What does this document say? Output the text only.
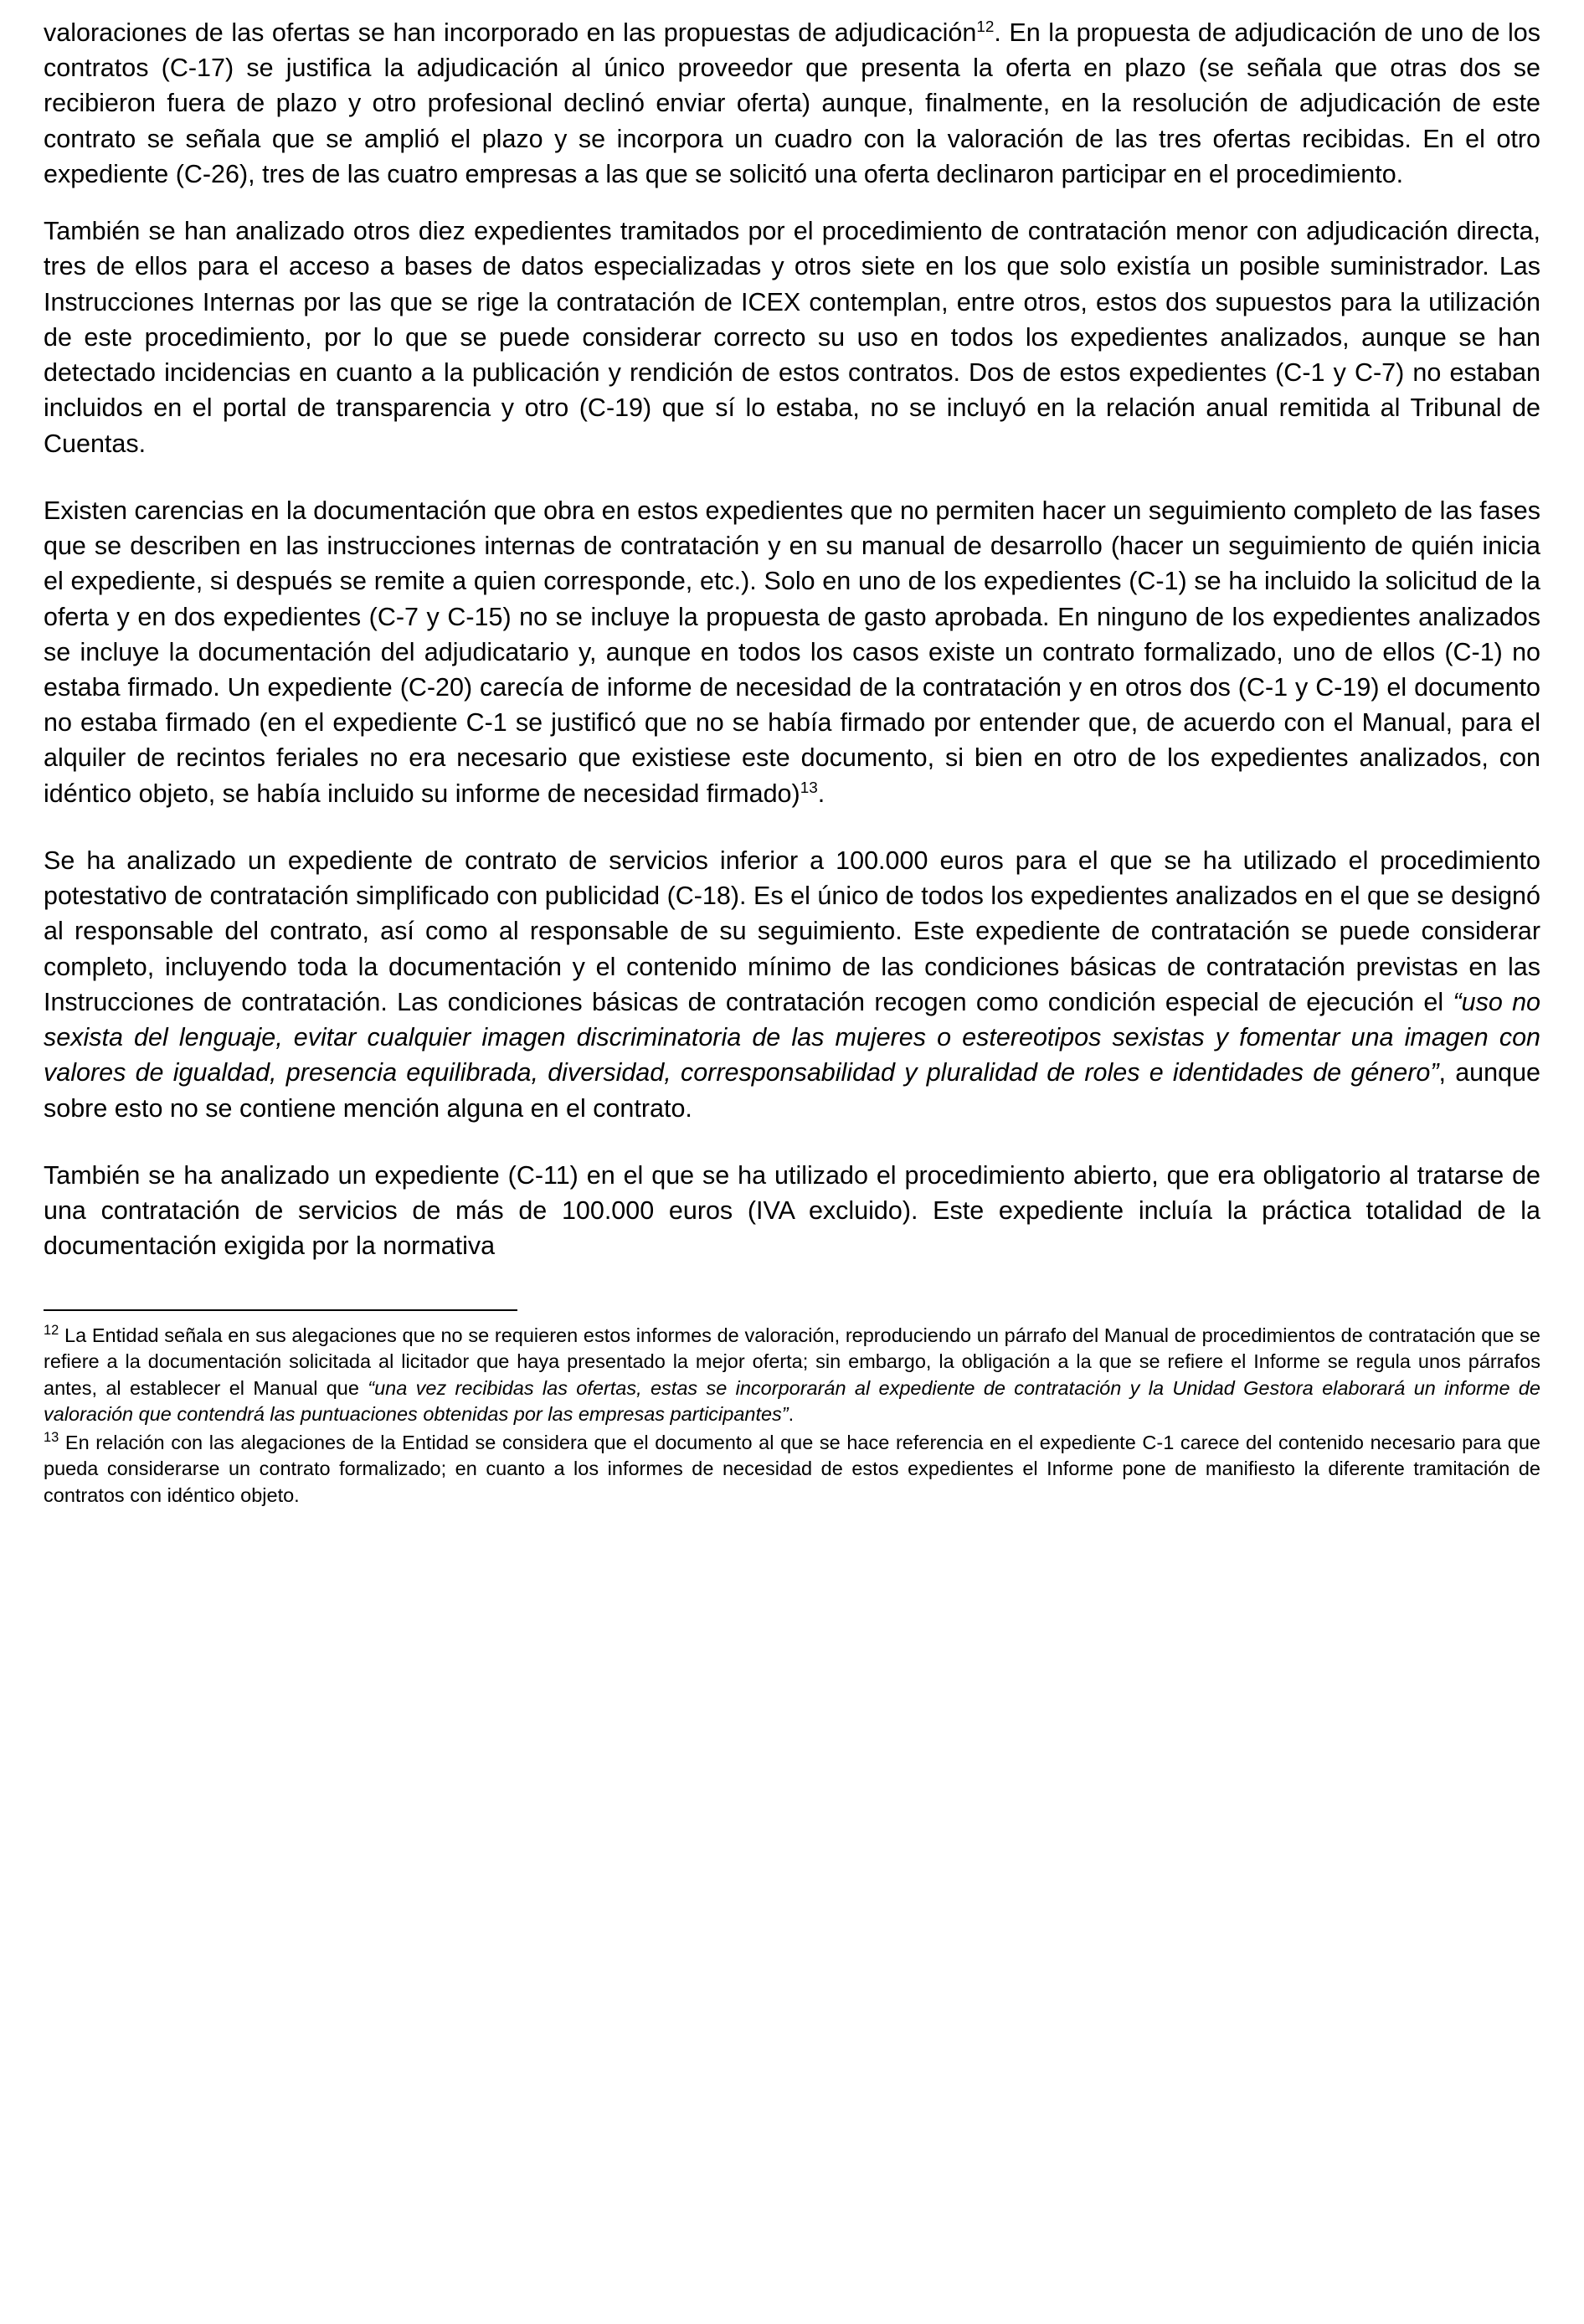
valoraciones de las ofertas se han incorporado en las propuestas de adjudicación$^{12}$. En la propuesta de adjudicación de uno de los contratos (C-17) se justifica la adjudicación al único proveedor que presenta la oferta en plazo (se señala que otras dos se recibieron fuera de plazo y otro profesional declinó enviar oferta) aunque, finalmente, en la resolución de adjudicación de este contrato se señala que se amplió el plazo y se incorpora un cuadro con la valoración de las tres ofertas recibidas. En el otro expediente (C-26), tres de las cuatro empresas a las que se solicitó una oferta declinaron participar en el procedimiento.

También se han analizado otros diez expedientes tramitados por el procedimiento de contratación menor con adjudicación directa, tres de ellos para el acceso a bases de datos especializadas y otros siete en los que solo existía un posible suministrador. Las Instrucciones Internas por las que se rige la contratación de ICEX contemplan, entre otros, estos dos supuestos para la utilización de este procedimiento, por lo que se puede considerar correcto su uso en todos los expedientes analizados, aunque se han detectado incidencias en cuanto a la publicación y rendición de estos contratos. Dos de estos expedientes (C-1 y C-7) no estaban incluidos en el portal de transparencia y otro (C-19) que sí lo estaba, no se incluyó en la relación anual remitida al Tribunal de Cuentas.

Existen carencias en la documentación que obra en estos expedientes que no permiten hacer un seguimiento completo de las fases que se describen en las instrucciones internas de contratación y en su manual de desarrollo (hacer un seguimiento de quién inicia el expediente, si después se remite a quien corresponde, etc.). Solo en uno de los expedientes (C-1) se ha incluido la solicitud de la oferta y en dos expedientes (C-7 y C-15) no se incluye la propuesta de gasto aprobada. En ninguno de los expedientes analizados se incluye la documentación del adjudicatario y, aunque en todos los casos existe un contrato formalizado, uno de ellos (C-1) no estaba firmado. Un expediente (C-20) carecía de informe de necesidad de la contratación y en otros dos (C-1 y C-19) el documento no estaba firmado (en el expediente C-1 se justificó que no se había firmado por entender que, de acuerdo con el Manual, para el alquiler de recintos feriales no era necesario que existiese este documento, si bien en otro de los expedientes analizados, con idéntico objeto, se había incluido su informe de necesidad firmado)$^{13}$.

Se ha analizado un expediente de contrato de servicios inferior a 100.000 euros para el que se ha utilizado el procedimiento potestativo de contratación simplificado con publicidad (C-18). Es el único de todos los expedientes analizados en el que se designó al responsable del contrato, así como al responsable de su seguimiento. Este expediente de contratación se puede considerar completo, incluyendo toda la documentación y el contenido mínimo de las condiciones básicas de contratación previstas en las Instrucciones de contratación. Las condiciones básicas de contratación recogen como condición especial de ejecución el “uso no sexista del lenguaje, evitar cualquier imagen discriminatoria de las mujeres o estereotipos sexistas y fomentar una imagen con valores de igualdad, presencia equilibrada, diversidad, corresponsabilidad y pluralidad de roles e identidades de género”, aunque sobre esto no se contiene mención alguna en el contrato.

También se ha analizado un expediente (C-11) en el que se ha utilizado el procedimiento abierto, que era obligatorio al tratarse de una contratación de servicios de más de 100.000 euros (IVA excluido). Este expediente incluía la práctica totalidad de la documentación exigida por la normativa

$^{12}$ La Entidad señala en sus alegaciones que no se requieren estos informes de valoración, reproduciendo un párrafo del Manual de procedimientos de contratación que se refiere a la documentación solicitada al licitador que haya presentado la mejor oferta; sin embargo, la obligación a la que se refiere el Informe se regula unos párrafos antes, al establecer el Manual que “una vez recibidas las ofertas, estas se incorporarán al expediente de contratación y la Unidad Gestora elaborará un informe de valoración que contendrá las puntuaciones obtenidas por las empresas participantes”.

$^{13}$ En relación con las alegaciones de la Entidad se considera que el documento al que se hace referencia en el expediente C-1 carece del contenido necesario para que pueda considerarse un contrato formalizado; en cuanto a los informes de necesidad de estos expedientes el Informe pone de manifiesto la diferente tramitación de contratos con idéntico objeto.
